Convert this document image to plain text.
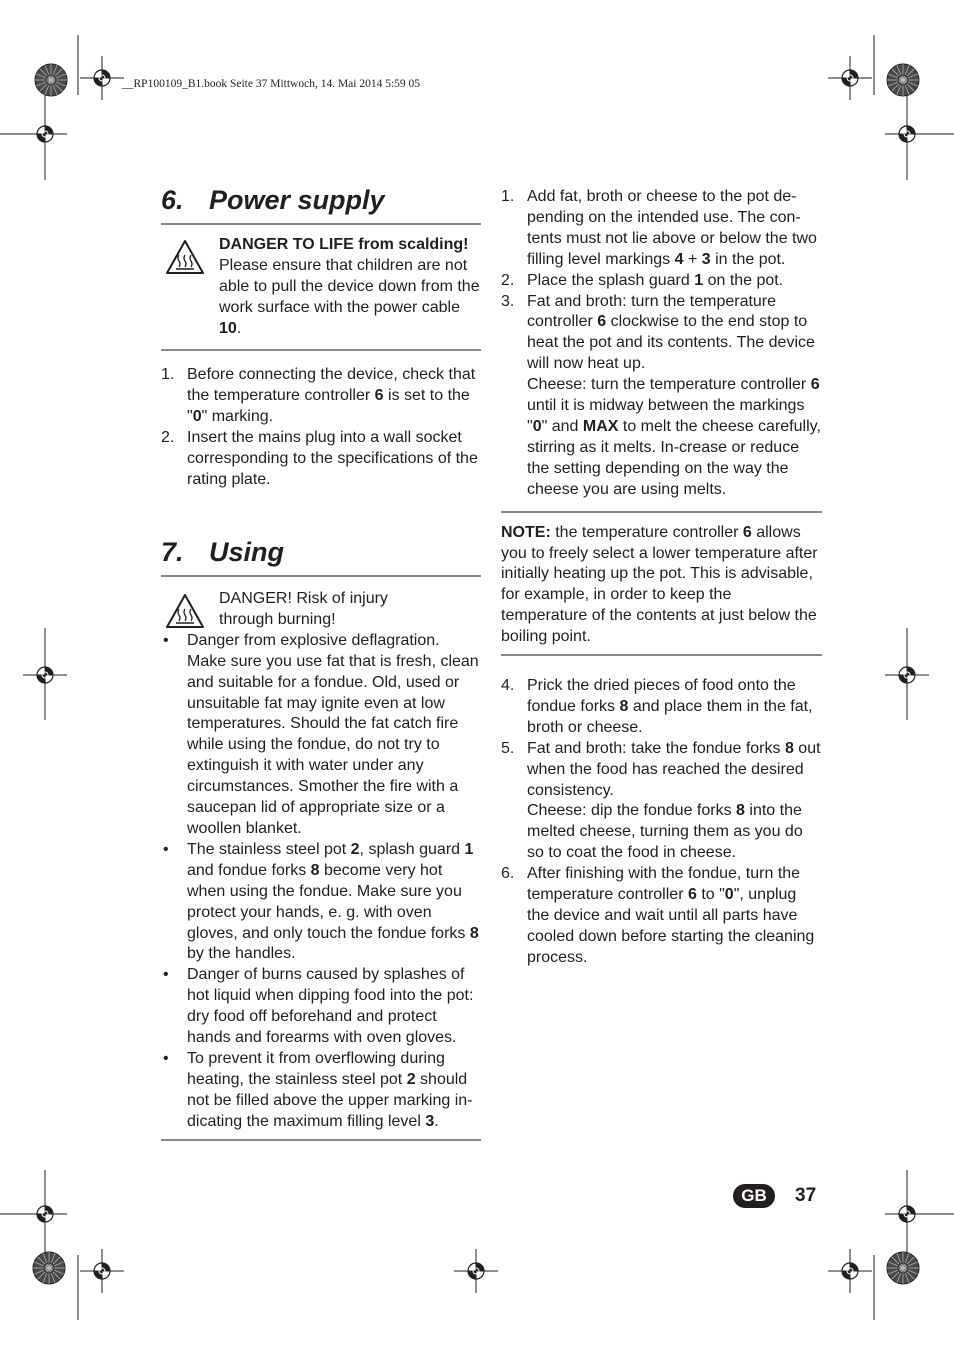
__RP100109_B1.book Seite 37 Mittwoch, 14. Mai 2014 5:59 05
6. Power supply
DANGER TO LIFE from scalding!
Please ensure that children are not able to pull the device down from the work surface with the power cable 10.
1. Before connecting the device, check that the temperature controller 6 is set to the "0" marking.
2. Insert the mains plug into a wall socket corresponding to the specifications of the rating plate.
7. Using
DANGER! Risk of injury through burning!
• Danger from explosive deflagration. Make sure you use fat that is fresh, clean and suitable for a fondue. Old, used or unsuitable fat may ignite even at low temperatures. Should the fat catch fire while using the fondue, do not try to extinguish it with water under any circumstances. Smother the fire with a saucepan lid of appropriate size or a woollen blanket.
• The stainless steel pot 2, splash guard 1 and fondue forks 8 become very hot when using the fondue. Make sure you protect your hands, e. g. with oven gloves, and only touch the fondue forks 8 by the handles.
• Danger of burns caused by splashes of hot liquid when dipping food into the pot: dry food off beforehand and protect hands and forearms with oven gloves.
• To prevent it from overflowing during heating, the stainless steel pot 2 should not be filled above the upper marking in-dicating the maximum filling level 3.
1. Add fat, broth or cheese to the pot de-pending on the intended use. The con-tents must not lie above or below the two filling level markings 4 + 3 in the pot.
2. Place the splash guard 1 on the pot.
3. Fat and broth: turn the temperature controller 6 clockwise to the end stop to heat the pot and its contents. The device will now heat up.
Cheese: turn the temperature controller 6 until it is midway between the markings "0" and MAX to melt the cheese carefully, stirring as it melts. In-crease or reduce the setting depending on the way the cheese you are using melts.
NOTE: the temperature controller 6 allows you to freely select a lower temperature after initially heating up the pot. This is advisable, for example, in order to keep the temperature of the contents at just below the boiling point.
4. Prick the dried pieces of food onto the fondue forks 8 and place them in the fat, broth or cheese.
5. Fat and broth: take the fondue forks 8 out when the food has reached the desired consistency.
Cheese: dip the fondue forks 8 into the melted cheese, turning them as you do so to coat the food in cheese.
6. After finishing with the fondue, turn the temperature controller 6 to "0", unplug the device and wait until all parts have cooled down before starting the cleaning process.
GB	37
